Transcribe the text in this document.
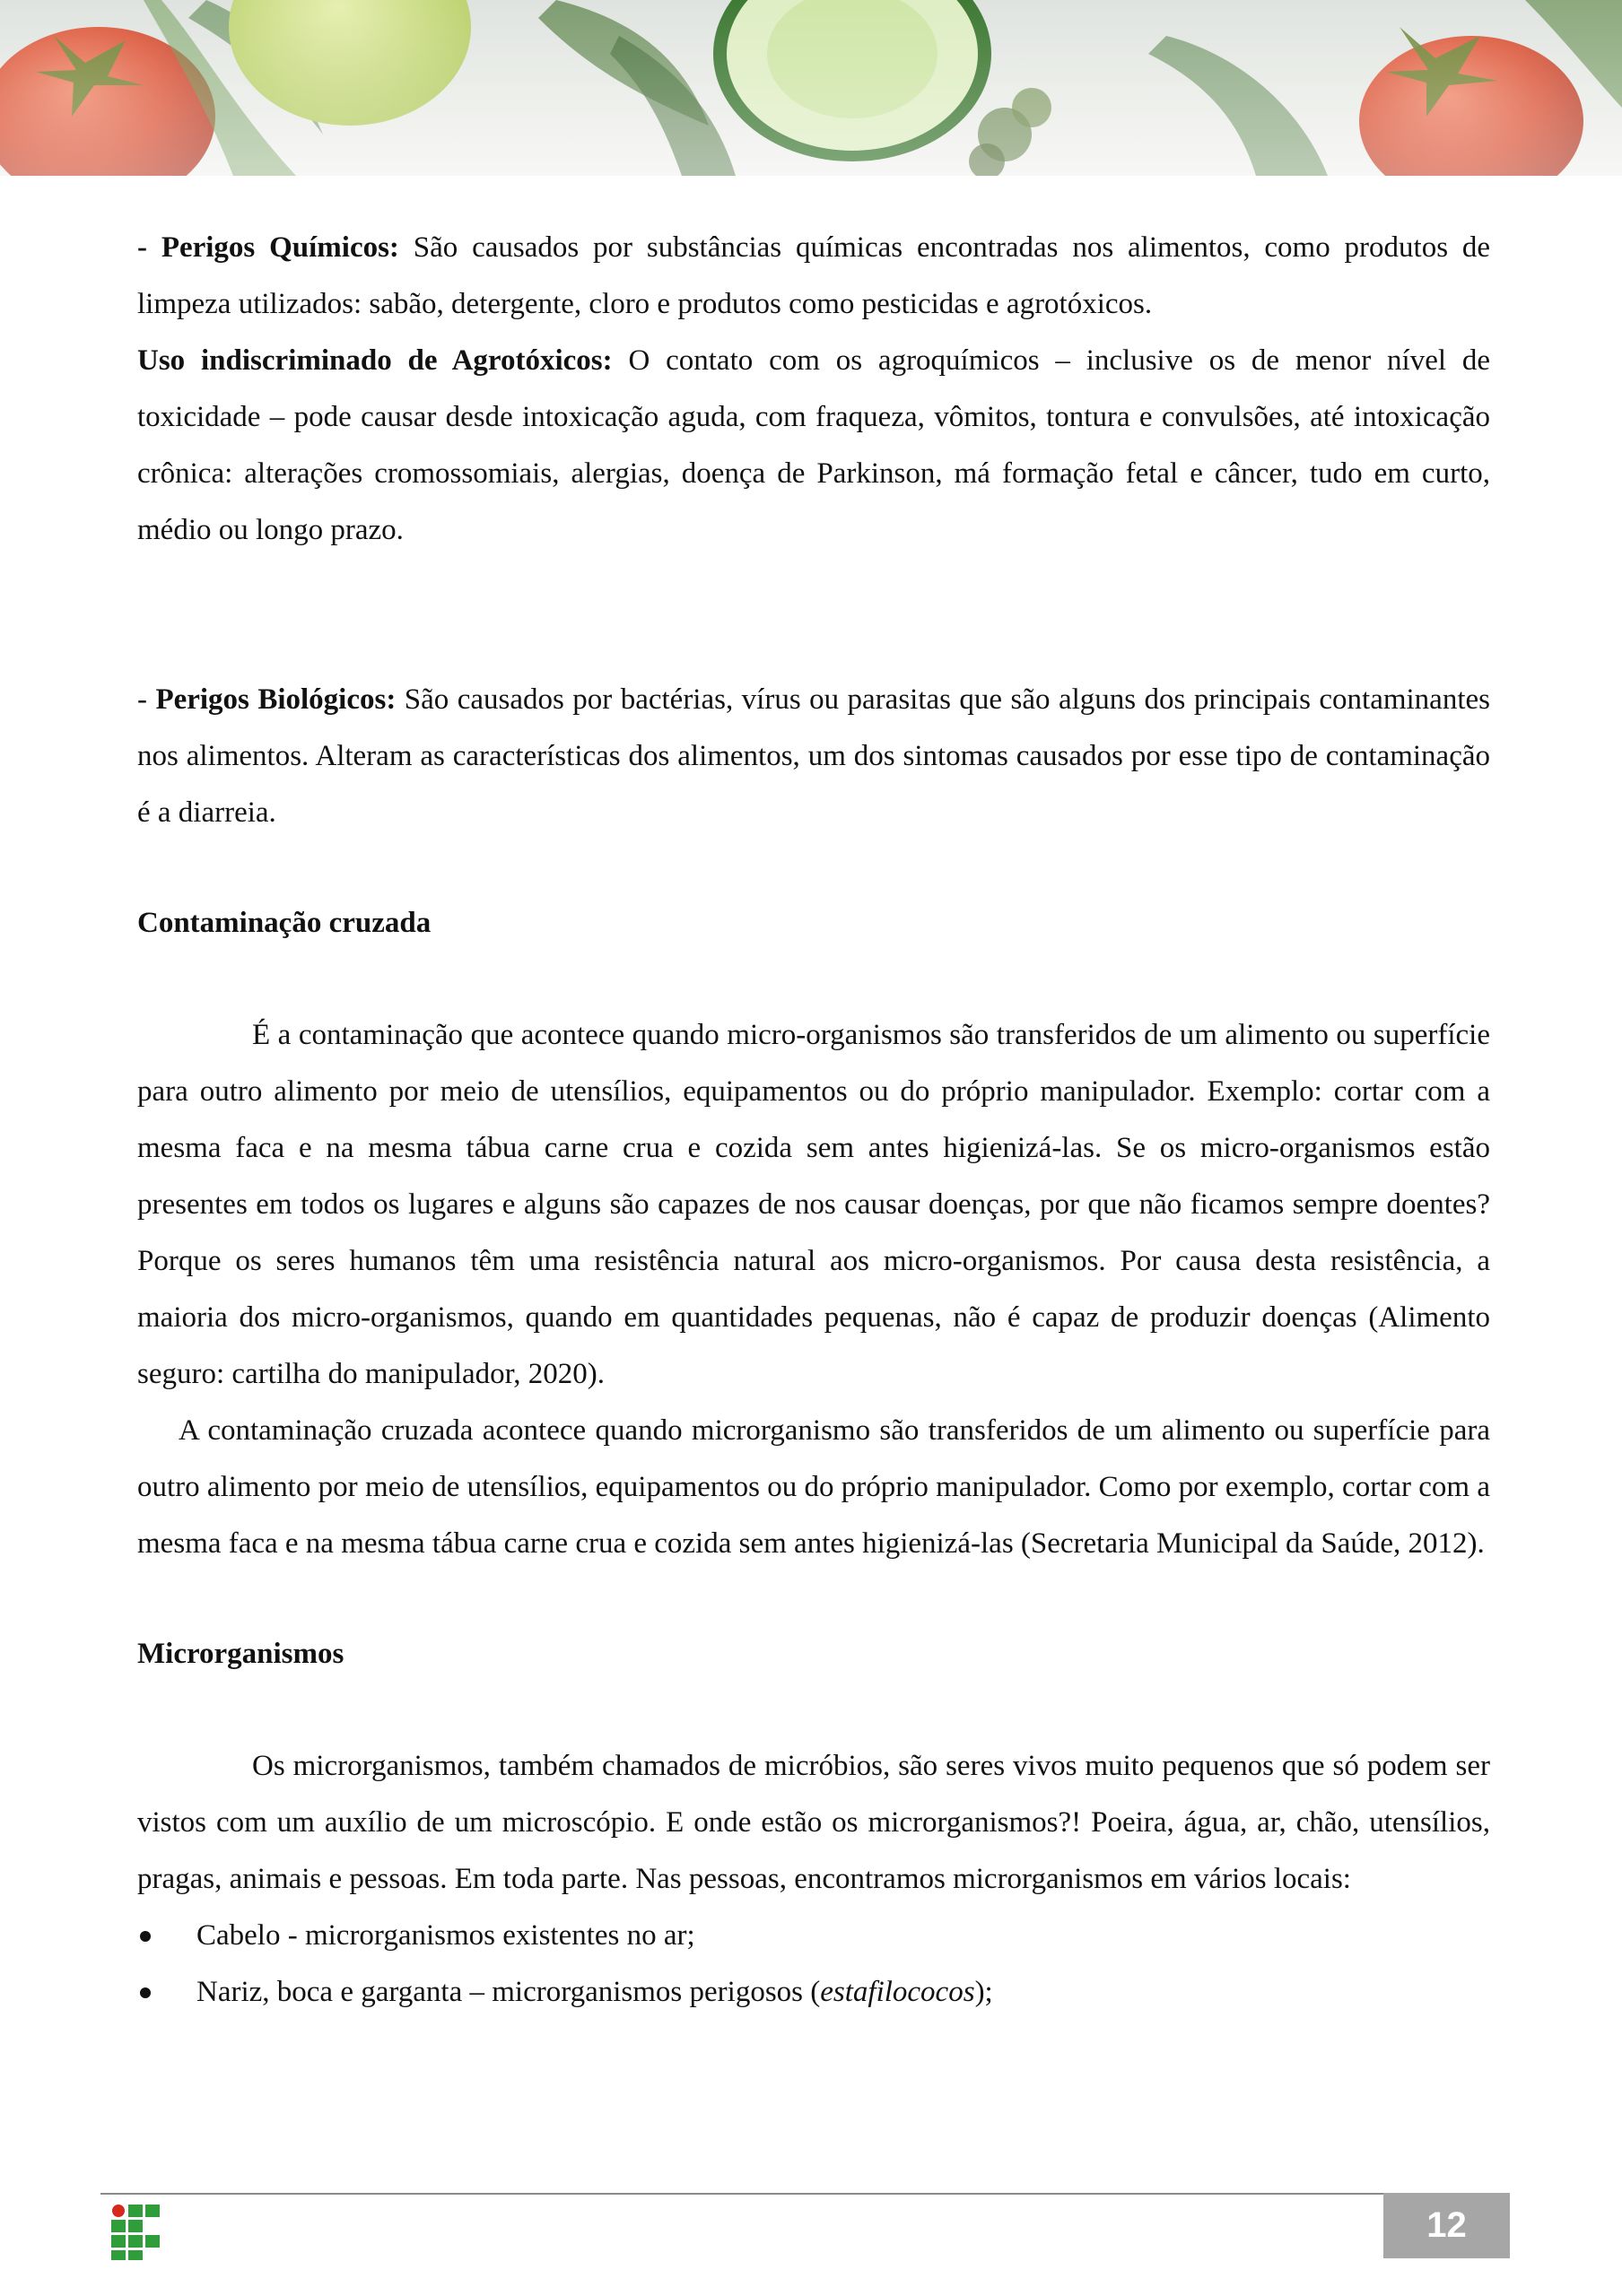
- Perigos Químicos: São causados por substâncias químicas encontradas nos alimentos, como produtos de limpeza utilizados: sabão, detergente, cloro e produtos como pesticidas e agrotóxicos.

Uso indiscriminado de Agrotóxicos: O contato com os agroquímicos – inclusive os de menor nível de toxicidade – pode causar desde intoxicação aguda, com fraqueza, vômitos, tontura e convulsões, até intoxicação crônica: alterações cromossomiais, alergias, doença de Parkinson, má formação fetal e câncer, tudo em curto, médio ou longo prazo.

- Perigos Biológicos: São causados por bactérias, vírus ou parasitas que são alguns dos principais contaminantes nos alimentos. Alteram as características dos alimentos, um dos sintomas causados por esse tipo de contaminação é a diarreia.

Contaminação cruzada

É a contaminação que acontece quando micro-organismos são transferidos de um alimento ou superfície para outro alimento por meio de utensílios, equipamentos ou do próprio manipulador. Exemplo: cortar com a mesma faca e na mesma tábua carne crua e cozida sem antes higienizá-las. Se os micro-organismos estão presentes em todos os lugares e alguns são capazes de nos causar doenças, por que não ficamos sempre doentes? Porque os seres humanos têm uma resistência natural aos micro-organismos. Por causa desta resistência, a maioria dos micro-organismos, quando em quantidades pequenas, não é capaz de produzir doenças (Alimento seguro: cartilha do manipulador, 2020).

A contaminação cruzada acontece quando microrganismo são transferidos de um alimento ou superfície para outro alimento por meio de utensílios, equipamentos ou do próprio manipulador. Como por exemplo, cortar com a mesma faca e na mesma tábua carne crua e cozida sem antes higienizá-las (Secretaria Municipal da Saúde, 2012).

Microrganismos

Os microrganismos, também chamados de micróbios, são seres vivos muito pequenos que só podem ser vistos com um auxílio de um microscópio. E onde estão os microrganismos?! Poeira, água, ar, chão, utensílios, pragas, animais e pessoas. Em toda parte. Nas pessoas, encontramos microrganismos em vários locais:

Cabelo - microrganismos existentes no ar;
Nariz, boca e garganta – microrganismos perigosos (estafilococos);
12
